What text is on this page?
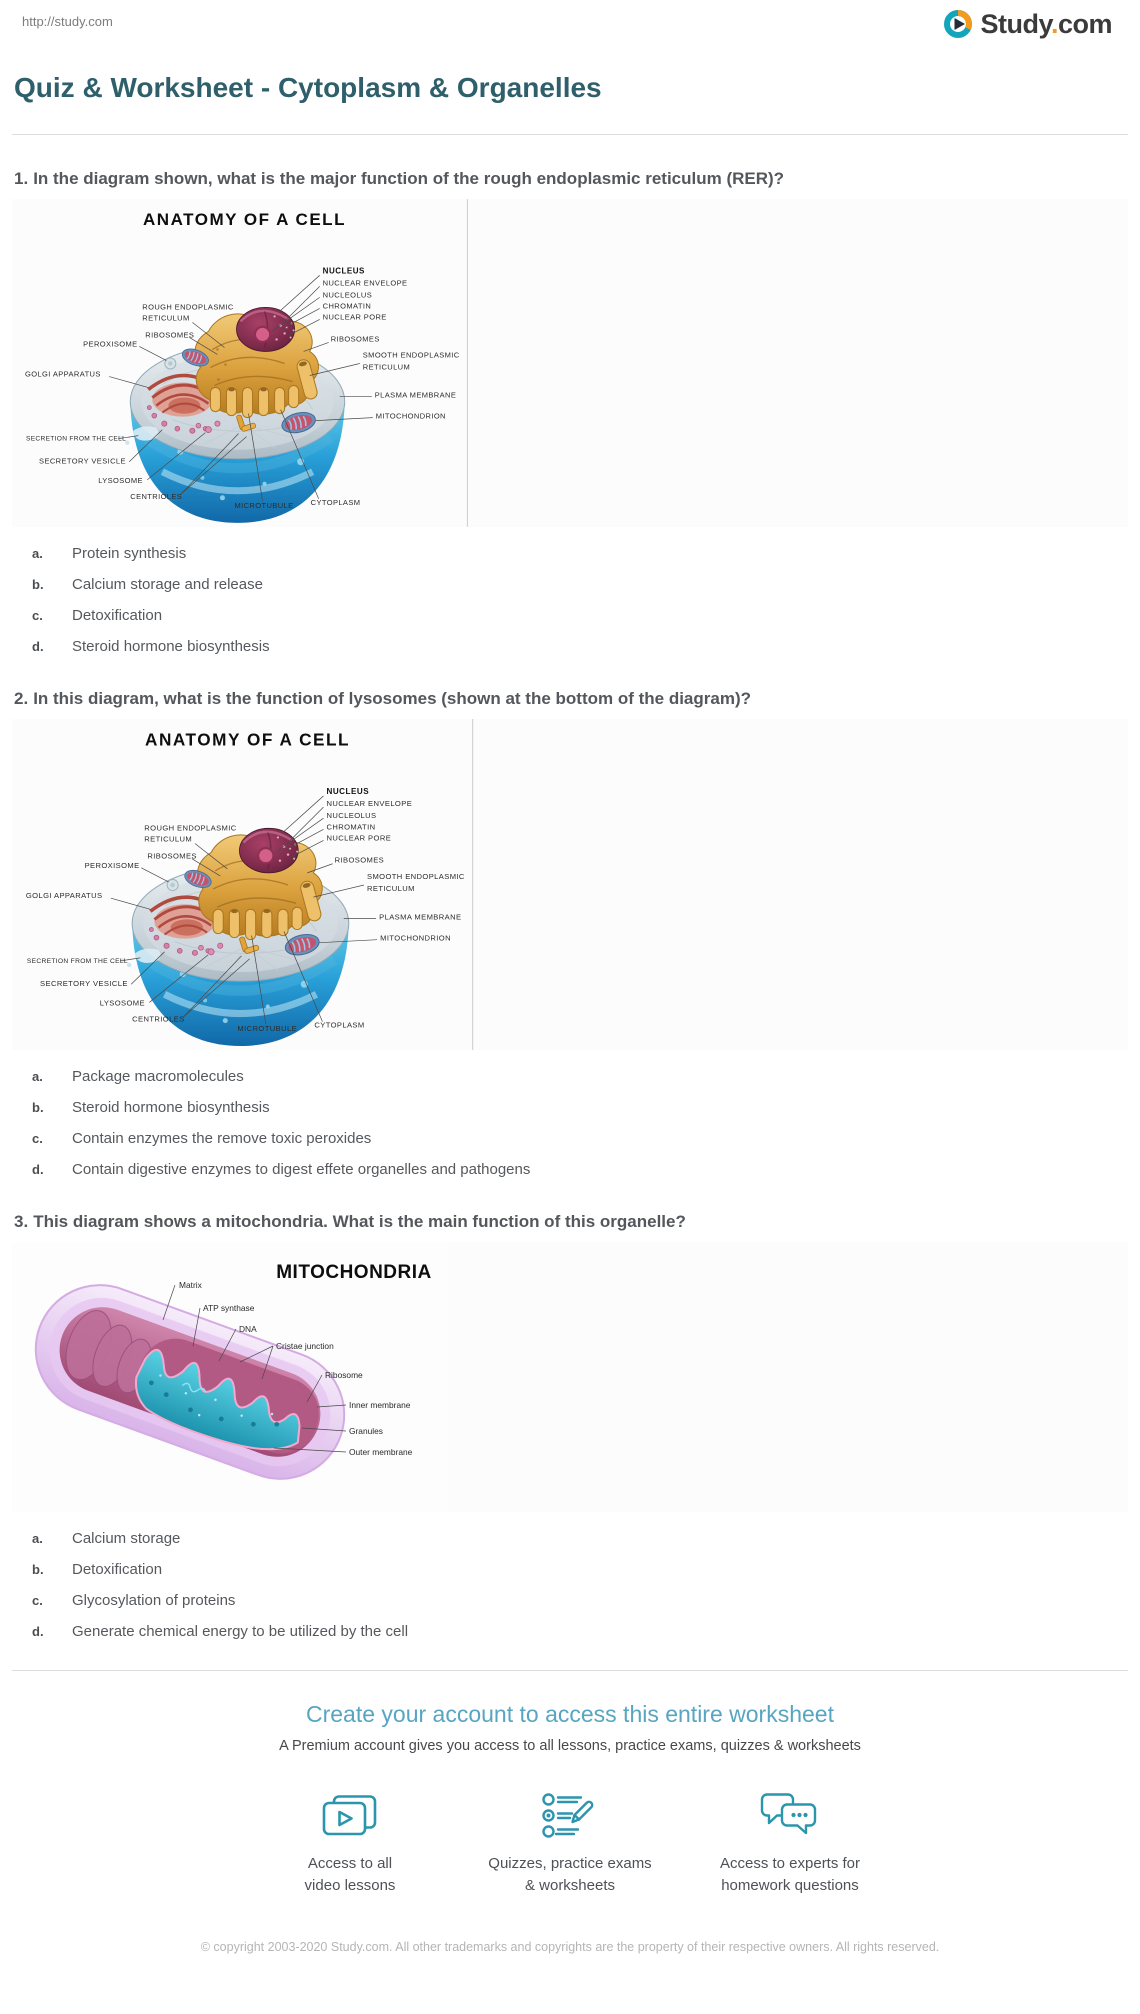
http://study.com	Study.com
Quiz & Worksheet - Cytoplasm & Organelles
1. In the diagram shown, what is the major function of the rough endoplasmic reticulum (RER)?
ANATOMY OF A CELL
ROUGH ENDOPLASMIC
RETICULUM
RIBOSOMES
PEROXISOME
GOLGI APPARATUS
SECRETION FROM THE CELL
SECRETORY VESICLE
LYSOSOME
CENTRIOLES
MICROTUBULE CYTOPLASM
NUCLEUS
NUCLEAR ENVELOPE
NUCLEOLUS
CHROMATIN
NUCLEAR PORE
RIBOSOMES
SMOOTH ENDOPLASMIC
RETICULUM
PLASMA MEMBRANE
MITOCHONDRION
a.	Protein synthesis
b.	Calcium storage and release
c.	Detoxification
d.	Steroid hormone biosynthesis
2. In this diagram, what is the function of lysosomes (shown at the bottom of the diagram)?
ANATOMY OF A CELL
ROUGH ENDOPLASMIC
RETICULUM
RIBOSOMES
PEROXISOME
GOLGI APPARATUS
SECRETION FROM THE CELL
SECRETORY VESICLE
LYSOSOME
CENTRIOLES
MICROTUBULE CYTOPLASM
NUCLEUS
NUCLEAR ENVELOPE
NUCLEOLUS
CHROMATIN
NUCLEAR PORE
RIBOSOMES
SMOOTH ENDOPLASMIC
RETICULUM
PLASMA MEMBRANE
MITOCHONDRION
a.	Package macromolecules
b.	Steroid hormone biosynthesis
c.	Contain enzymes the remove toxic peroxides
d.	Contain digestive enzymes to digest effete organelles and pathogens
3. This diagram shows a mitochondria. What is the main function of this organelle?
MITOCHONDRIA
Matrix
ATP synthase
DNA
Cristae junction
Ribosome
Inner membrane
Granules
Outer membrane
a.	Calcium storage
b.	Detoxification
c.	Glycosylation of proteins
d.	Generate chemical energy to be utilized by the cell
Create your account to access this entire worksheet

A Premium account gives you access to all lessons, practice exams, quizzes & worksheets

Access to all
video lessons
Quizzes, practice exams
& worksheets
Access to experts for
homework questions

© copyright 2003-2020 Study.com. All other trademarks and copyrights are the property of their respective owners. All rights reserved.
